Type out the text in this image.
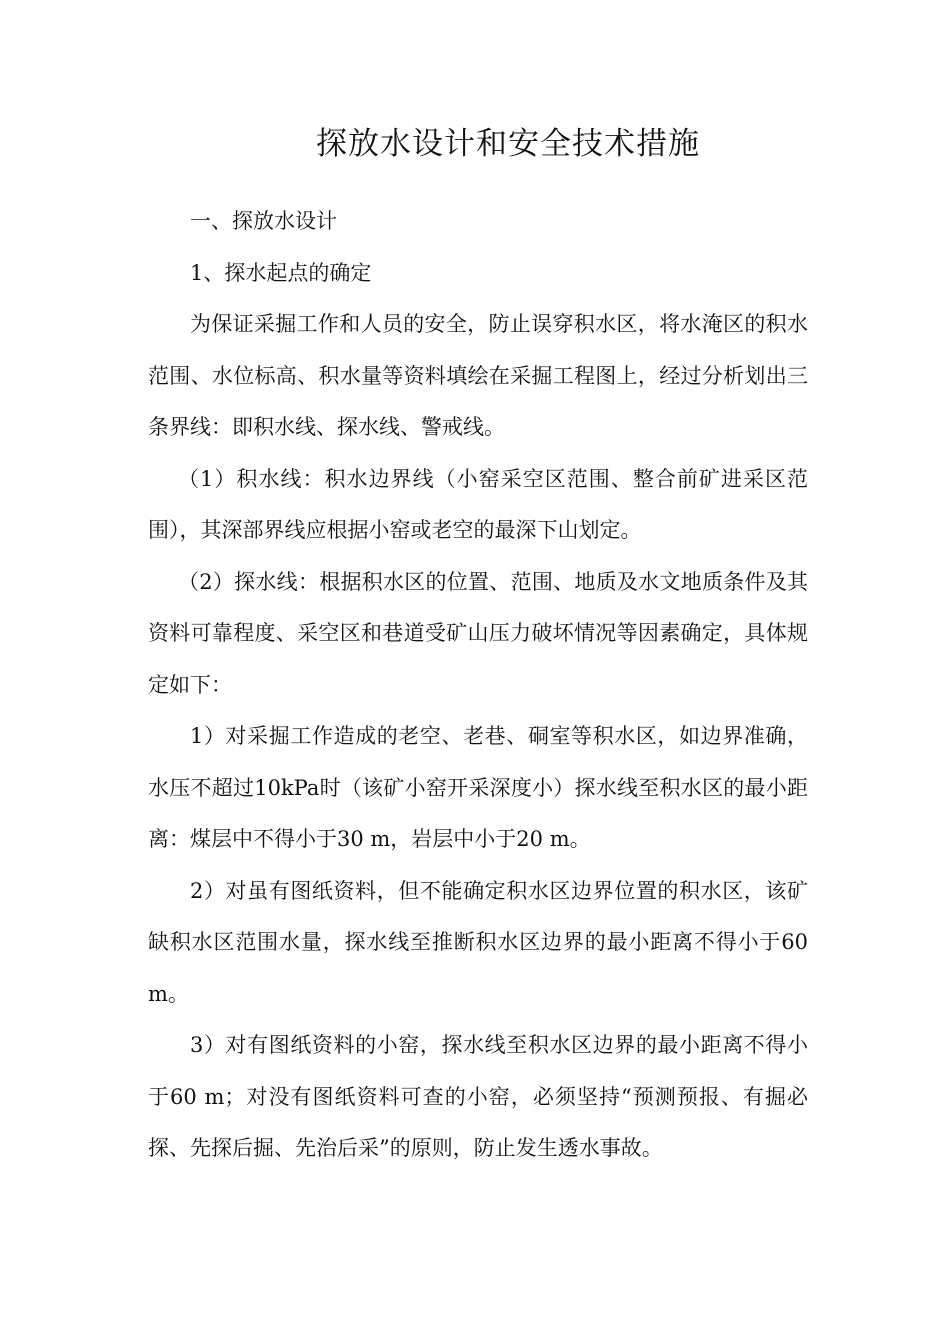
探放水设计和安全技术措施

一、探放水设计

1、探水起点的确定

为保证采掘工作和人员的安全，防止误穿积水区，将水淹区的积水范围、水位标高、积水量等资料填绘在采掘工程图上，经过分析划出三条界线：即积水线、探水线、警戒线。

（1）积水线：积水边界线（小窑采空区范围、整合前矿进采区范围），其深部界线应根据小窑或老空的最深下山划定。

（2）探水线：根据积水区的位置、范围、地质及水文地质条件及其资料可靠程度、采空区和巷道受矿山压力破坏情况等因素确定，具体规定如下：

1）对采掘工作造成的老空、老巷、硐室等积水区，如边界准确，水压不超过10kPa时（该矿小窑开采深度小）探水线至积水区的最小距离：煤层中不得小于30 m，岩层中小于20 m。

2）对虽有图纸资料，但不能确定积水区边界位置的积水区，该矿缺积水区范围水量，探水线至推断积水区边界的最小距离不得小于60 m。

3）对有图纸资料的小窑，探水线至积水区边界的最小距离不得小于60 m；对没有图纸资料可查的小窑，必须坚持“预测预报、有掘必探、先探后掘、先治后采”的原则，防止发生透水事故。
